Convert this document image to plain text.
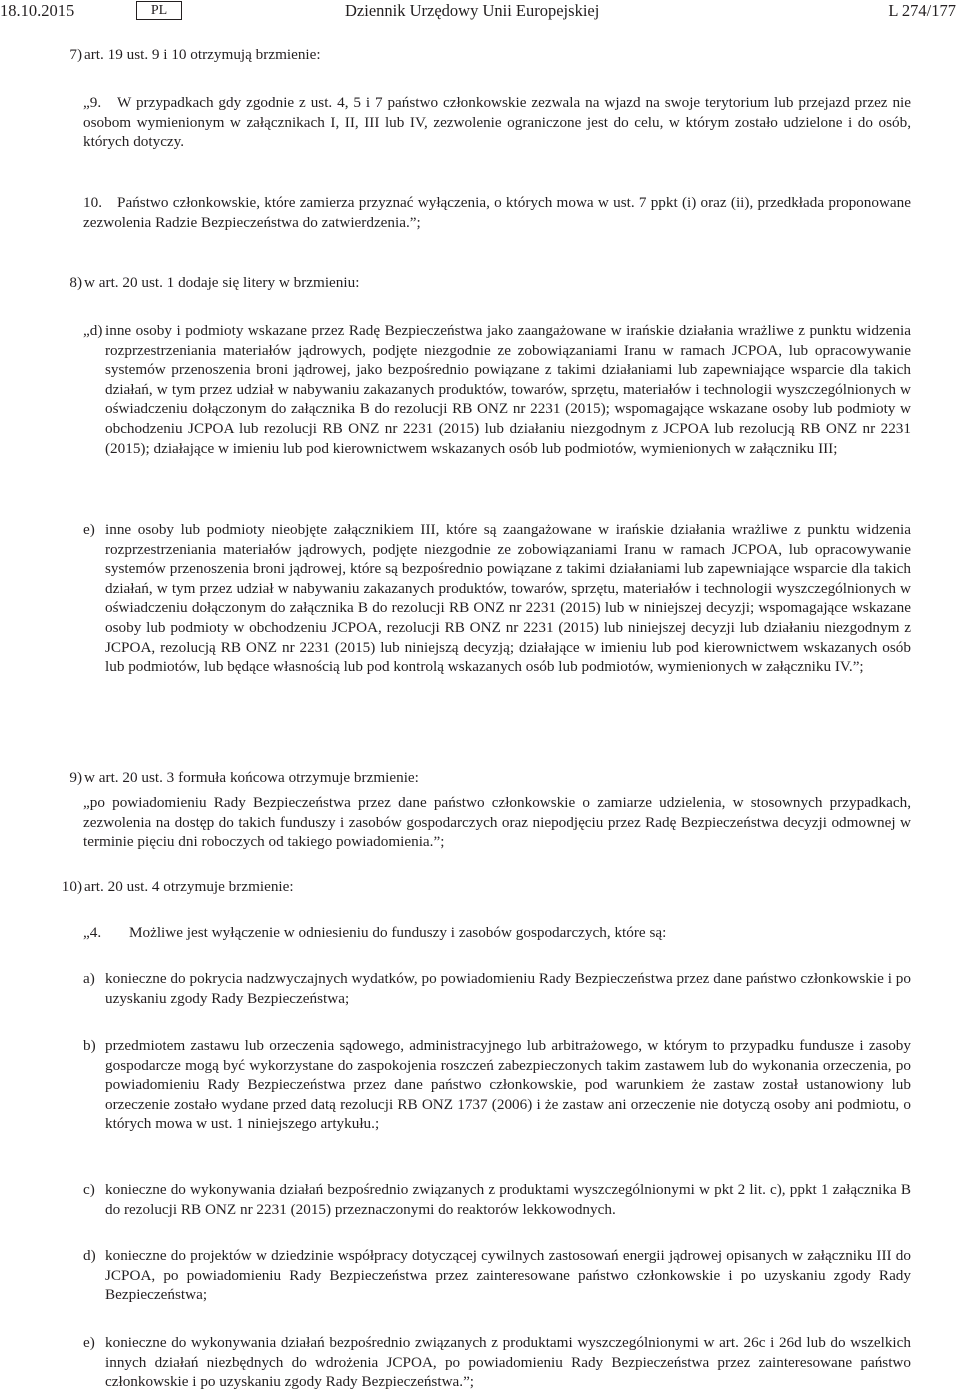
18.10.2015	PL	Dziennik Urzędowy Unii Europejskiej	L 274/177
7) art. 19 ust. 9 i 10 otrzymują brzmienie:
„9.	W przypadkach gdy zgodnie z ust. 4, 5 i 7 państwo członkowskie zezwala na wjazd na swoje terytorium lub przejazd przez nie osobom wymienionym w załącznikach I, II, III lub IV, zezwolenie ograniczone jest do celu, w którym zostało udzielone i do osób, których dotyczy.
10. Państwo członkowskie, które zamierza przyznać wyłączenia, o których mowa w ust. 7 ppkt (i) oraz (ii), przedkłada proponowane zezwolenia Radzie Bezpieczeństwa do zatwierdzenia.”;
8) w art. 20 ust. 1 dodaje się litery w brzmieniu:
„d) inne osoby i podmioty wskazane przez Radę Bezpieczeństwa jako zaangażowane w irańskie działania wrażliwe z punktu widzenia rozprzestrzeniania materiałów jądrowych, podjęte niezgodnie ze zobowiązaniami Iranu w ramach JCPOA, lub opracowywanie systemów przenoszenia broni jądrowej, jako bezpośrednio powiązane z takimi działaniami lub zapewniające wsparcie dla takich działań, w tym przez udział w nabywaniu zakazanych produktów, towarów, sprzętu, materiałów i technologii wyszczególnionych w oświadczeniu dołączonym do załącznika B do rezolucji RB ONZ nr 2231 (2015); wspomagające wskazane osoby lub podmioty w obchodzeniu JCPOA lub rezolucji RB ONZ nr 2231 (2015) lub działaniu niezgodnym z JCPOA lub rezolucją RB ONZ nr 2231 (2015); działające w imieniu lub pod kierownictwem wskazanych osób lub podmiotów, wymienionych w załączniku III;
e) inne osoby lub podmioty nieobjęte załącznikiem III, które są zaangażowane w irańskie działania wrażliwe z punktu widzenia rozprzestrzeniania materiałów jądrowych, podjęte niezgodnie ze zobowiązaniami Iranu w ramach JCPOA, lub opracowywanie systemów przenoszenia broni jądrowej, które są bezpośrednio powiązane z takimi działaniami lub zapewniające wsparcie dla takich działań, w tym przez udział w nabywaniu zakazanych produktów, towarów, sprzętu, materiałów i technologii wyszczególnionych w oświadczeniu dołączonym do załącznika B do rezolucji RB ONZ nr 2231 (2015) lub w niniejszej decyzji; wspomagające wskazane osoby lub podmioty w obchodzeniu JCPOA, rezolucji RB ONZ nr 2231 (2015) lub niniejszej decyzji lub działaniu niezgodnym z JCPOA, rezolucją RB ONZ nr 2231 (2015) lub niniejszą decyzją; działające w imieniu lub pod kierownictwem wskazanych osób lub podmiotów, lub będące własnością lub pod kontrolą wskazanych osób lub podmiotów, wymienionych w załączniku IV.”;
9) w art. 20 ust. 3 formuła końcowa otrzymuje brzmienie:
„po powiadomieniu Rady Bezpieczeństwa przez dane państwo członkowskie o zamiarze udzielenia, w stosownych przypadkach, zezwolenia na dostęp do takich funduszy i zasobów gospodarczych oraz niepodjęciu przez Radę Bezpieczeństwa decyzji odmownej w terminie pięciu dni roboczych od takiego powiadomienia.”;
10) art. 20 ust. 4 otrzymuje brzmienie:
„4.	Możliwe jest wyłączenie w odniesieniu do funduszy i zasobów gospodarczych, które są:
a) konieczne do pokrycia nadzwyczajnych wydatków, po powiadomieniu Rady Bezpieczeństwa przez dane państwo członkowskie i po uzyskaniu zgody Rady Bezpieczeństwa;
b) przedmiotem zastawu lub orzeczenia sądowego, administracyjnego lub arbitrażowego, w którym to przypadku fundusze i zasoby gospodarcze mogą być wykorzystane do zaspokojenia roszczeń zabezpieczonych takim zastawem lub do wykonania orzeczenia, po powiadomieniu Rady Bezpieczeństwa przez dane państwo członkowskie, pod warunkiem że zastaw został ustanowiony lub orzeczenie zostało wydane przed datą rezolucji RB ONZ 1737 (2006) i że zastaw ani orzeczenie nie dotyczą osoby ani podmiotu, o których mowa w ust. 1 niniejszego artykułu.;
c) konieczne do wykonywania działań bezpośrednio związanych z produktami wyszczególnionymi w pkt 2 lit. c), ppkt 1 załącznika B do rezolucji RB ONZ nr 2231 (2015) przeznaczonymi do reaktorów lekkowodnych.
d) konieczne do projektów w dziedzinie współpracy dotyczącej cywilnych zastosowań energii jądrowej opisanych w załączniku III do JCPOA, po powiadomieniu Rady Bezpieczeństwa przez zainteresowane państwo członkowskie i po uzyskaniu zgody Rady Bezpieczeństwa;
e) konieczne do wykonywania działań bezpośrednio związanych z produktami wyszczególnionymi w art. 26c i 26d lub do wszelkich innych działań niezbędnych do wdrożenia JCPOA, po powiadomieniu Rady Bezpieczeństwa przez zainteresowane państwo członkowskie i po uzyskaniu zgody Rady Bezpieczeństwa.”;
